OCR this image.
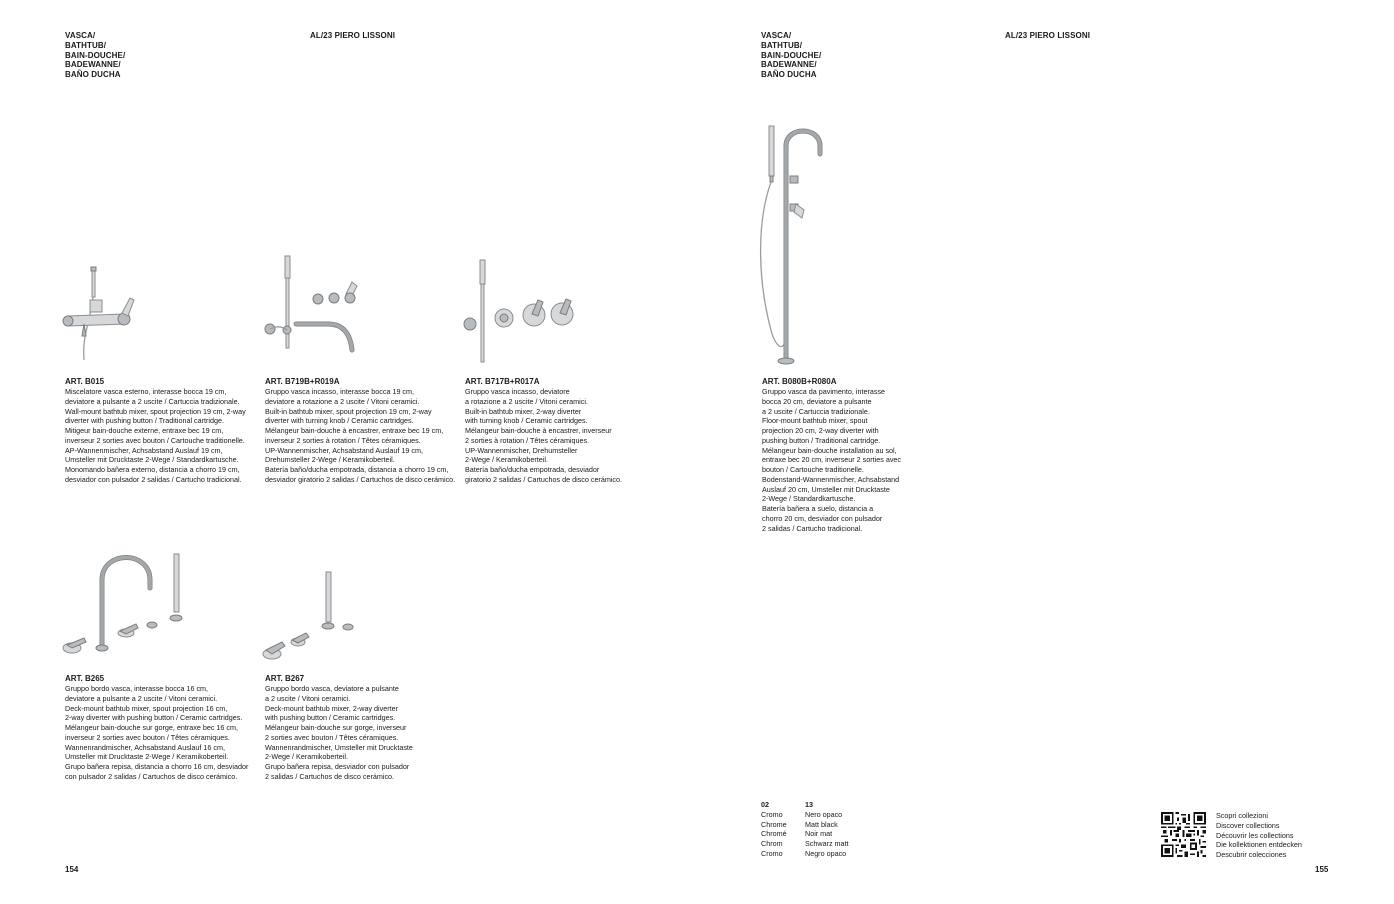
VASCA/
BATHTUB/
BAIN-DOUCHE/
BADEWANNE/
BAÑO DUCHA
AL/23 PIERO LISSONI
ART. B015

Miscelatore vasca esterno, interasse bocca 19 cm,
deviatore a pulsante a 2 uscite / Cartuccia tradizionale.
Wall-mount bathtub mixer, spout projection 19 cm, 2-way
diverter with pushing button / Traditional cartridge.
Mitigeur bain-douche externe, entraxe bec 19 cm,
inverseur 2 sorties avec bouton / Cartouche traditionelle.
AP-Wannenmischer, Achsabstand Auslauf 19 cm,
Umsteller mit Drucktaste 2-Wege / Standardkartusche.
Monomando bañera externo, distancia a chorro 19 cm,
desviador con pulsador 2 salidas / Cartucho tradicional.

ART. B719B+R019A

Gruppo vasca incasso, interasse bocca 19 cm,
deviatore a rotazione a 2 uscite / Vitoni ceramici.
Built-in bathtub mixer, spout projection 19 cm, 2-way
diverter with turning knob / Ceramic cartridges.
Mélangeur bain-douche à encastrer, entraxe bec 19 cm,
inverseur 2 sorties à rotation / Têtes céramiques.
UP-Wannenmischer, Achsabstand Auslauf 19 cm,
Drehumsteller 2-Wege / Keramikoberteil.
Batería baño/ducha empotrada, distancia a chorro 19 cm,
desviador giratorio 2 salidas / Cartuchos de disco cerámico.

ART. B717B+R017A

Gruppo vasca incasso, deviatore
a rotazione a 2 uscite / Vitoni ceramici.
Built-in bathtub mixer, 2-way diverter
with turning knob / Ceramic cartridges.
Mélangeur bain-douche à encastrer, inverseur
2 sorties à rotation / Têtes céramiques.
UP-Wannenmischer, Drehumsteller
2-Wege / Keramikoberteil.
Batería baño/ducha empotrada, desviador
giratorio 2 salidas / Cartuchos de disco cerámico.

ART. B265

Gruppo bordo vasca, interasse bocca 16 cm,
deviatore a pulsante a 2 uscite / Vitoni ceramici.
Deck-mount bathtub mixer, spout projection 16 cm,
2-way diverter with pushing button / Ceramic cartridges.
Mélangeur bain-douche sur gorge, entraxe bec 16 cm,
inverseur 2 sorties avec bouton / Têtes céramiques.
Wannenrandmischer, Achsabstand Auslauf 16 cm,
Umsteller mit Drucktaste 2-Wege / Keramikoberteil.
Grupo bañera repisa, distancia a chorro 16 cm, desviador
con pulsador 2 salidas / Cartuchos de disco cerámico.

ART. B267

Gruppo bordo vasca, deviatore a pulsante
a 2 uscite / Vitoni ceramici.
Deck-mount bathtub mixer, 2-way diverter
with pushing button / Ceramic cartridges.
Mélangeur bain-douche sur gorge, inverseur
2 sorties avec bouton / Têtes céramiques.
Wannenrandmischer, Umsteller mit Drucktaste
2-Wege / Keramikoberteil.
Grupo bañera repisa, desviador con pulsador
2 salidas / Cartuchos de disco cerámico.

154
VASCA/
BATHTUB/
BAIN-DOUCHE/
BADEWANNE/
BAÑO DUCHA
AL/23 PIERO LISSONI
ART. B080B+R080A

Gruppo vasca da pavimento, interasse
bocca 20 cm, deviatore a pulsante
a 2 uscite / Cartuccia tradizionale.
Floor-mount bathtub mixer, spout
projection 20 cm, 2-way diverter with
pushing button / Traditional cartridge.
Mélangeur bain-douche installation au sol,
entraxe bec 20 cm, inverseur 2 sorties avec
bouton / Cartouche traditionelle.
Bodenstand-Wannenmischer, Achsabstand
Auslauf 20 cm, Umsteller mit Drucktaste
2-Wege / Standardkartusche.
Batería bañera a suelo, distancia a
chorro 20 cm, desviador con pulsador
2 salidas / Cartucho tradicional.

02
Cromo
Chrome
Chromé
Chrom
Cromo
13
Nero opaco
Matt black
Noir mat
Schwarz matt
Negro opaco
Scopri collezioni
Discover collections
Découvrir les collections
Die kollektionen entdecken
Descubrir colecciones
155
